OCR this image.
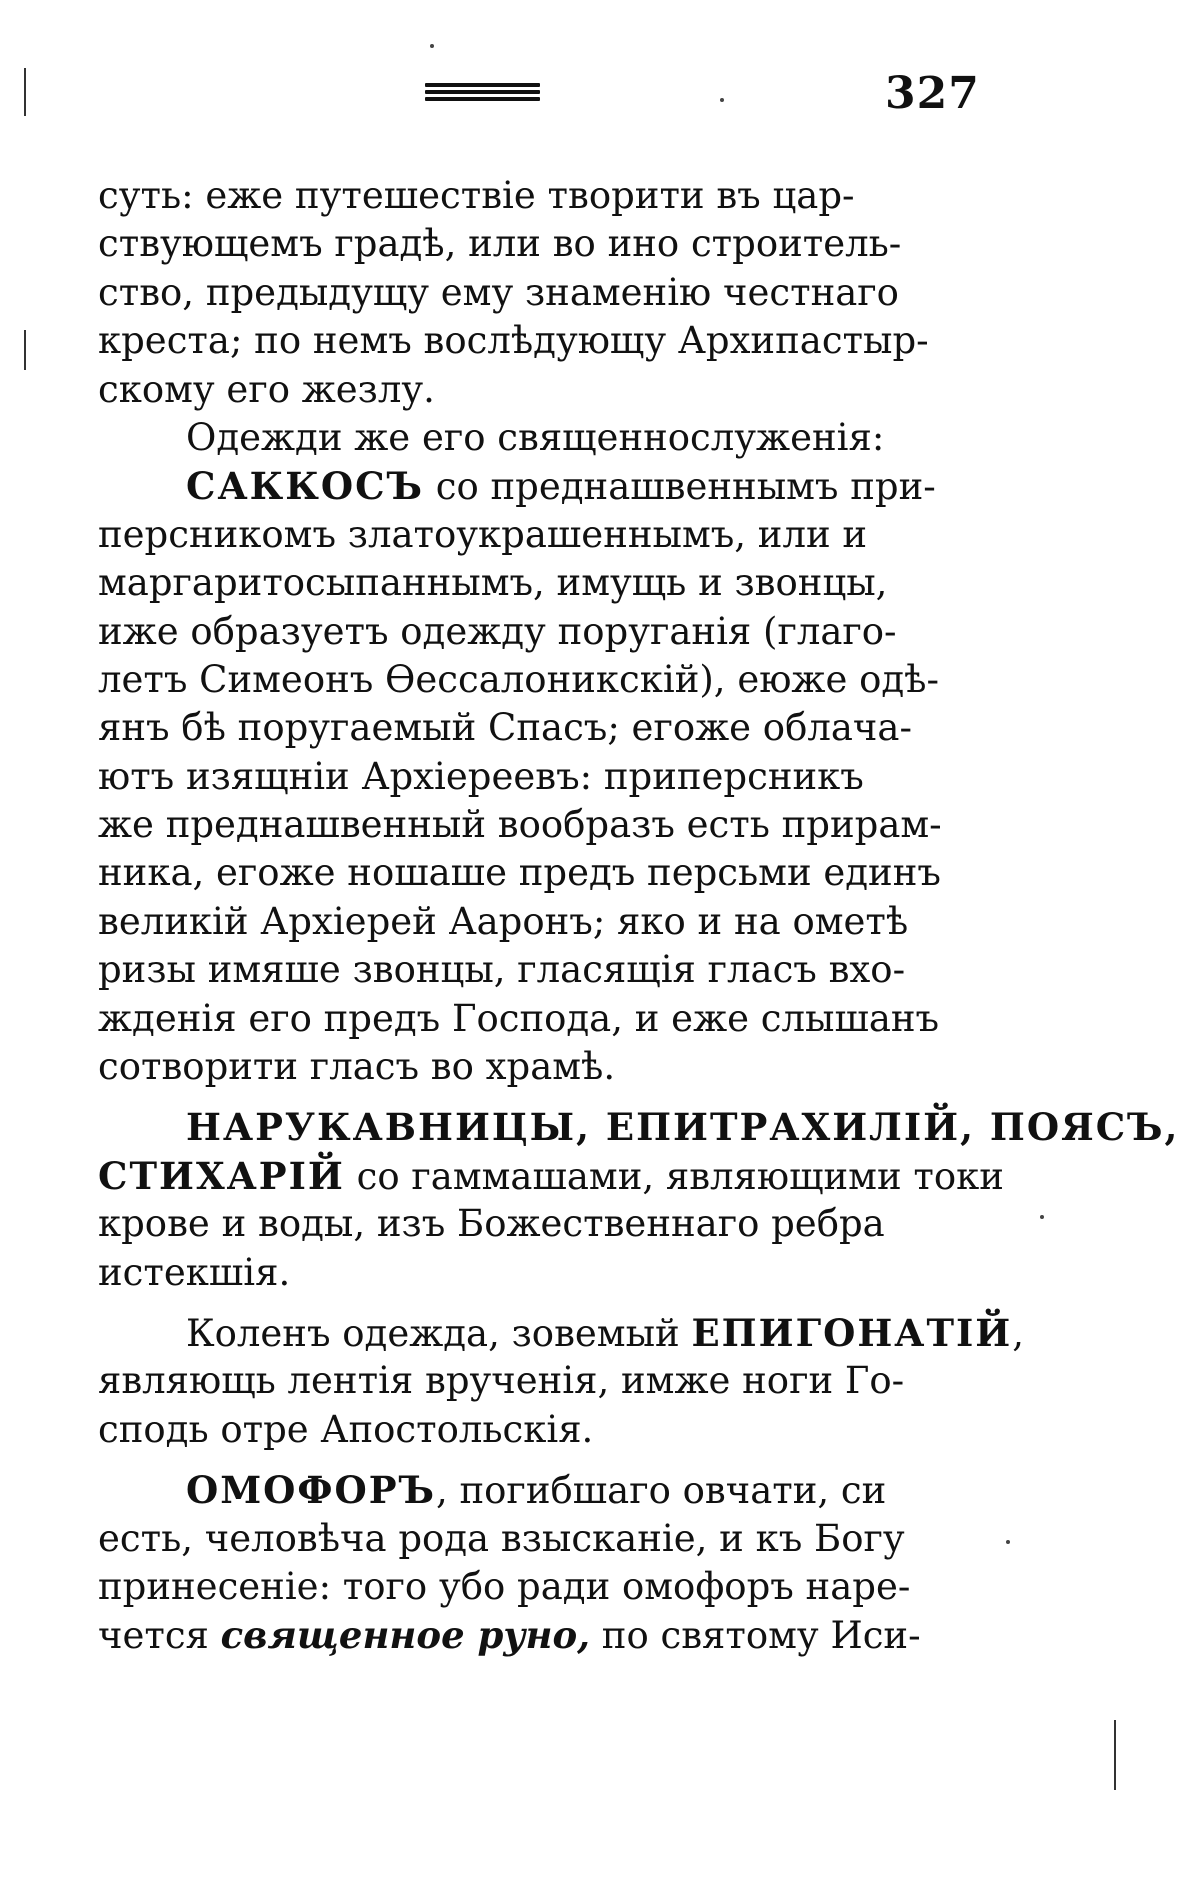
327
суть: еже путешествіе творити въ цар-
ствующемъ градѣ, или во ино строитель-
ство, предыдущу ему знаменію честнаго
креста; по немъ вослѣдующу Архипастыр-
скому его жезлу.
Одежди же его священнослуженія:
САККОСЪ со преднашвеннымъ при-
персникомъ златоукрашеннымъ, или и
маргаритосыпаннымъ, имущь и звонцы,
иже образуетъ одежду поруганія (глаго-
летъ Симеонъ Ѳессалоникскій), еюже одѣ-
янъ бѣ поругаемый Спасъ; егоже облача-
ютъ изящніи Архіереевъ: приперсникъ
же преднашвенный вообразъ есть прирам-
ника, егоже ношаше предъ персьми единъ
великій Архіерей Ааронъ; яко и на ометѣ
ризы имяше звонцы, гласящія гласъ вхо-
жденія его предъ Господа, и еже слышанъ
сотворити гласъ во храмѣ.
НАРУКАВНИЦЫ, ЕПИТРАХИЛІЙ, ПОЯСЪ,
СТИХАРІЙ со гаммашами, являющими токи
крове и воды, изъ Божественнаго ребра
истекшія.
Коленъ одежда, зовемый ЕПИГОНАТІЙ,
являющь лентія врученія, имже ноги Го-
сподь отре Апостольскія.
ОМОФОРЪ, погибшаго овчати, си
есть, человѣча рода взысканіе, и къ Богу
принесеніе: того убо ради омофоръ наре-
чется священное руно, по святому Иси-
